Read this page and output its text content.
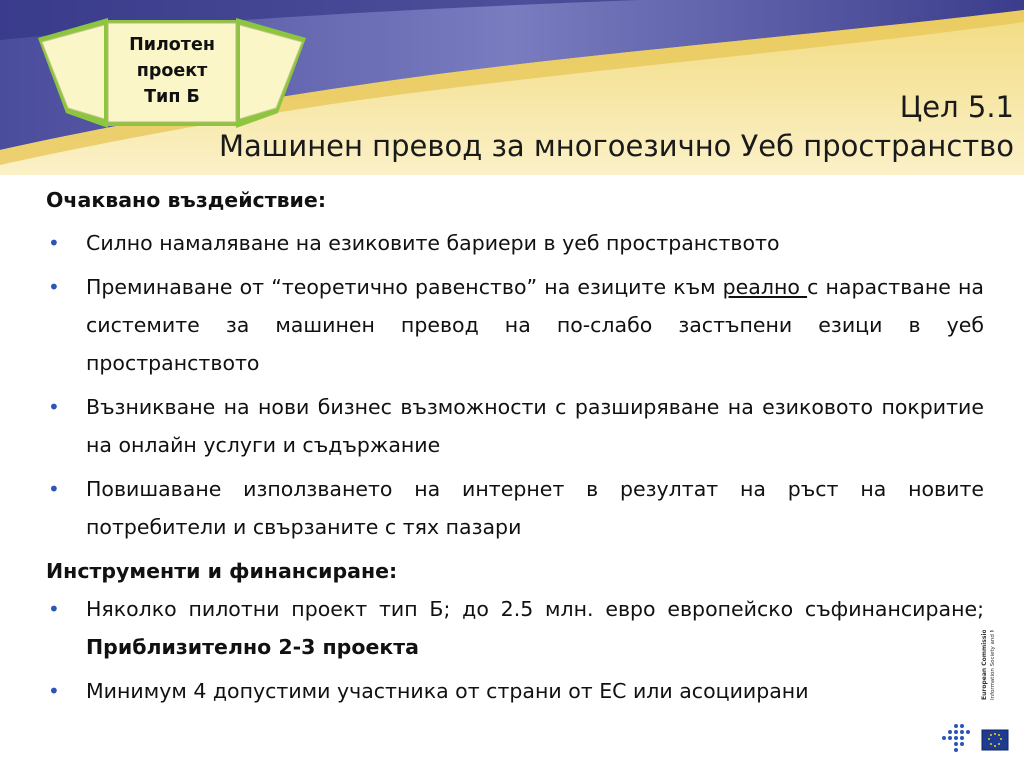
Пилотен
проект
Тип Б	Цел 5.1
Машинен превод за многоезично Уеб пространство

Очаквано въздействие:

• Силно намаляване на езиковите бариери в уеб пространството
• Преминаване от “теоретично равенство” на езиците към реално с нарастване на системите за машинен превод на по-слабо застъпени езици в уеб пространството
• Възникване на нови бизнес възможности с разширяване на езиковото покритие на онлайн услуги и съдържание
• Повишаване използването на интернет в резултат на ръст на новите потребители и свързаните с тях пазари

Инструменти и финансиране:

• Няколко пилотни проект тип Б; до 2.5 млн. евро европейско съфинансиране; Приблизително 2-3 проекта
• Минимум 4 допустими участника от страни от ЕС или асоциирани	European Commission Information Society and Media
